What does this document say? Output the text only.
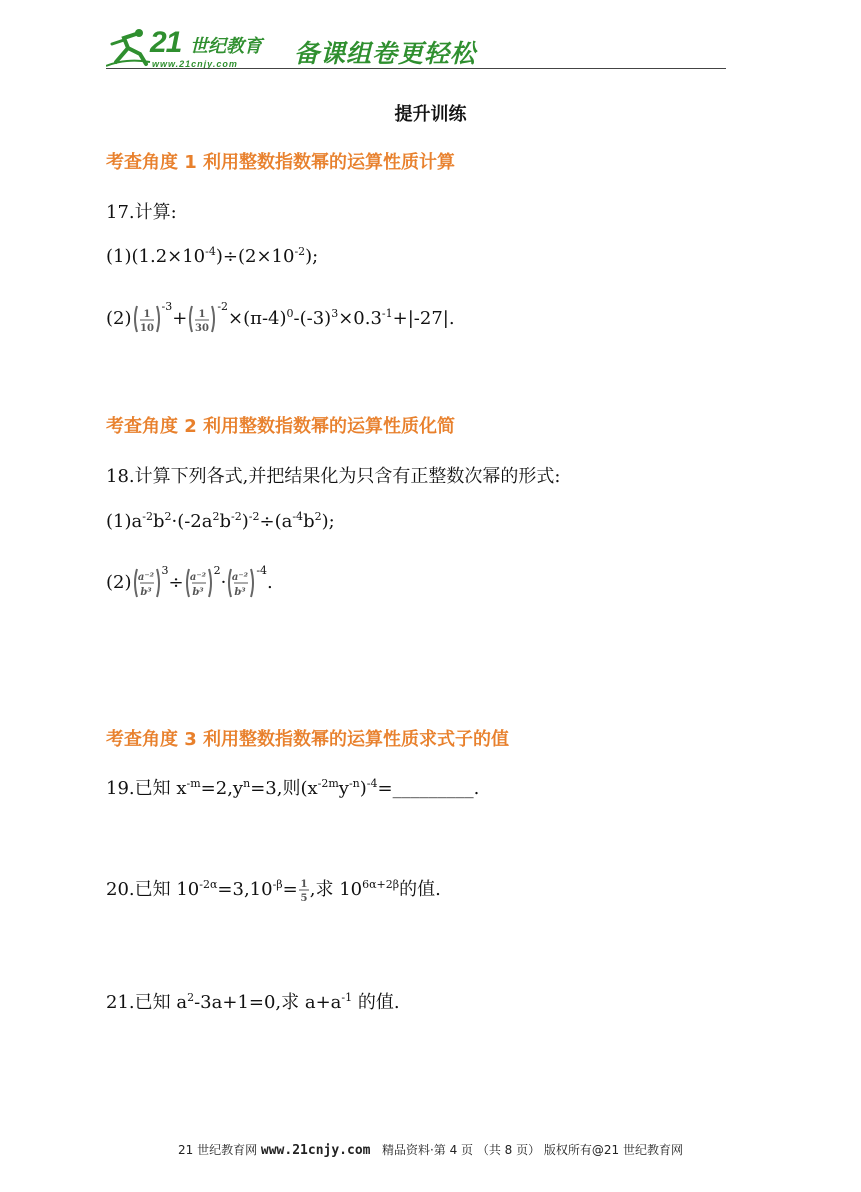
21 世纪教育
www.21cnjy.com 备课组卷更轻松
提升训练
考查角度 1 利用整数指数幂的运算性质计算
17.计算:
$(1)(1.2\times 10^{-4})\div(2\times 10^{-2})$;
(2) 1
10
$^{-3}$+ 1
30
$^{-2}\times(\pi-4)^0-(-3)^3\times 0.3^{-1}+|-27|$.
考查角度 2 利用整数指数幂的运算性质化简
18.计算下列各式,并把结果化为只含有正整数次幂的形式:
$(1)a^{-2}b^2\cdot(-2a^2b^{-2})^{-2}\div(a^{-4}b^2)$;
(2) a⁻²
b³
$^3$÷ a⁻²
b³
$^2$· a⁻²
b³
$^{-4}$.
考查角度 3 利用整数指数幂的运算性质求式子的值
19.已知 $x^{-m}=2,y^n=3$,则$(x^{-2m}y^{-n})^{-4}=\_\_\_\_\_\_\_\_\_$.
20.已知 $10^{-2\alpha}=3,10^{-\beta}= 1$
5 ,求 $10^{6\alpha+2\beta}$的值.
21.已知 $a^2-3a+1=0$,求 $a+a^{-1}$ 的值.
21 世纪教育网 www.21cnjy.com 精品资料·第 4 页 （共 8 页） 版权所有@21 世纪教育网
